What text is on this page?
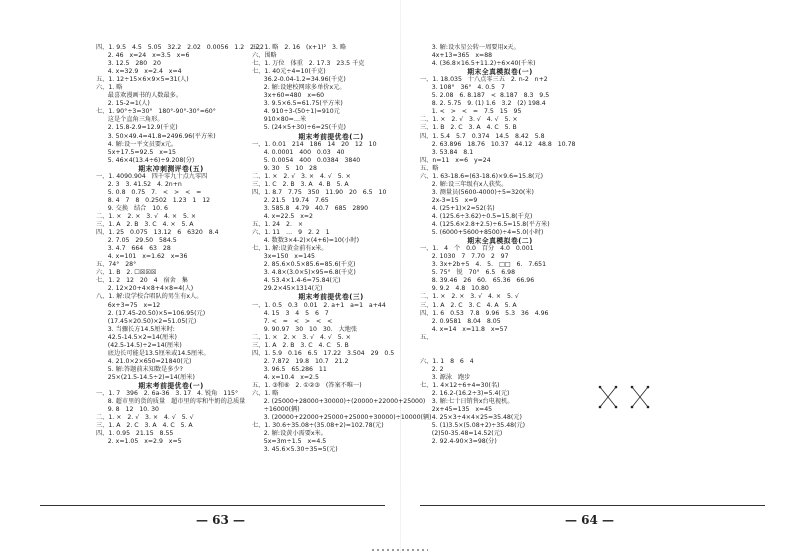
四、1. 9.5   4.5   5.05   32.2   2.02   0.0056   1.2   2.22
2. 46   x=24   x=3.5   x=6
3. 12.5   280   20
4. x=32.9   x=2.4   x=4
五、1. 12÷15×6×9×5=31(人)
六、1. 略
最喜欢漫画书的人数最多。
2. 15-2=1(人)
七、1. 90°÷3=30°   180°-90°-30°=60°
这是个直角三角形。
2. 15.8-2.9=12.9(千克)
3. 50×49.4=41.8=2496.96(平方米)
4. 解:设一平文员要x元。
5x+17.5=92.5   x=15
5. 46×4(13.4÷6)÷9.208(分)
期末冲刺测评卷(五)
一、1. 4090.904   四千零九十点九零四
2. 3   3. 41.52   4. 2n+n
5. 0.8   0.75   7.   <   >   <   =
8. 4   7   8   0.2502   1.23   1   12
9. 交换   结合   10. 6
二、1. ×   2. ×   3. √   4. ×   5. ×
三、1. A   2. B   3. C   4. ×   5. A
四、1. 25   0.075   13.12   6   6320   8.4
2. 7.05   29.50   584.5
3. 4.7   664   63   28
4. x=101   x=1.62   x=36
五、74°   28°
六、1. B   2. ☐☒☒☒
七、1. 2   12   20   4   宿舍   集
2. 12×20+4×8+4×8=4(人)
八、1. 解:设学校合唱队的男生有x人。
6x+3=75   x=12
2. (17.45-20.50)×5=106.95(元)
(17.45×20.50)×2=51.05(元)
3. 当骤长方14.5厘米时:
42.5-14.5×2=14(厘米)
(42.5-14.5)÷2=14(厘米)
底边长可能是13.5厘米或14.5厘米。
4. 21.0×2×650=21840(元)
5. 解:答题前未知数是多少?
25×(21.5-14.5÷2)=14(厘米)
期末考前提优卷(一)
一、1. 7   396   2. 6a-36   3. 17   4. 锐角   115°
8. 超市里的货的质量   超市里的零和牛奶的总质量
9. 8   12   10. 30
二、1. ×   2. √   3. ×   4. √   5. √
三、1. A   2. C   3. A   4. C   5. A
四、1. 0.95   21.15   8.55
2. x=1.05   x=2.9   x=5
五、1. 略   2. 16   (x+1)²   3. 略
六、围略
七、1. 万位   体重   2. 17.3   23.5 千克
七、1. 40元÷4=10(千克)
36.2-0.04-1.2=34.96(千克)
2. 解:设建校网球多单价x元。
3x+60=480   x=60
3. 9.5×6.5=61.75(平方米)
4. 910÷3-(50÷1)=910元
910×80=…米
5. (24×5+30)÷6=25(千克)
期末考前提优卷(二)
一、1. 0.01   214   186   14   20   12   10
4. 0.0001   400   0.03   40
5. 0.0054   400   0.0384   3840
9. 30   5   10   28
二、1. ×   2. √   3. ×   4. √   5. ×
三、1. C   2. B   3. A   4. B   5. A
四、1. 8.7   7.75   350   11.90   20   6.5   10
2. 21.5   19.74   7.65
3. 585.8   4.79   40.7   685   2890
4. x=22.5   x=2
五、1. 24   2.   ×
六、1. 11   …   9   2. 2   1
4. 数数3×4-2)×(4+6)=10(小时)
七、1. 解:设黄金前有x米。
3x=150   x=145
2. 85.6×0.5×85.6=85.6(千克)
3. 4.8×(3.0×5)×95=6.8(千克)
4. 53.4×1.4-6=75.84(元)
29.2×45×1314(元)
期末考前提优卷(三)
一、1. 0.5   0.3   0.01   2. a+1   a=1   a+44
4. 15   3   4   5   6   7
7. <   =   <   >   <   <
9. 90.97   30   10   30.   大地张
二、1. ×   2. ×   3. √   4. √   5. ×
三、1. A   2. B   3. C   4. C   5. B
四、1. 5.9   0.16   6.5   17.22   3.504   29   0.5
2. 7.872   19.8   10.7   21.2
3. 96.5   65.286   11
4. x=10.4   x=2.5
五、1. ③和⑥   2. ①②③   (答案不唯一)
六、1. 略
2. (25000+28000+30000)÷(20000+22000+25000)
÷16000(辆)
3. (20000+22000+25000+25000+30000)÷10000(辆)
七、1. 30.6÷35.08÷(35.08+2)=102.78(元)
2. 解:设黄小需要x米。
5x=3m÷1.5   x=4.5
3. 45.6×5.30÷35=5(元)
3. 解:设水星公转一周要用x天。
4x+13=365   x=88
4. (36.8×16.5+11.2)÷6×40(千米)
期末全真模拟卷(一)
一、1. 18.035   十八点零三五   2. n-2   n+2
3. 108°   36°   4. 0.5   7
5. 2.08   6. 8.187   <  8.187   8.3   9.5
8. 2. 5.75   9. (1) 1.6   3.2   (2) 198.4
1. <   >   <   =   7.5   15   95
二、1. ×   2. √   3. √   4. √   5. ×
三、1. B   2. C   3. A   4. C   5. B
四、1. 5.4   5.7   0.374   14.5   8.42   5.8
2. 63.896   18.76   10.37   44.12   48.8   10.78
3. 53.84   8.1
四、n=11   x=6   y=24
五、略
六、1. 63-18.6=(63-18.6)×9.6=15.8(元)
2. 解:设三年级有x人获奖。
3. 测量员(5600-4000)÷5=320(米)
2x-3=15   x=9
4. (25+1)×2=52(名)
4. (125.6÷3.62)÷0.5=15.8(千克)
4. (125.6×2.8+2.5)÷6.5=15.8(平方米)
5. (6000+5600+8500)÷4=5.0(小时)
期末全真模拟卷(二)
一、1.   4   个   0.0   百分   4.0   0.001
2. 1030   7   7.70   2   97
3. 3x+2b+5   4.   5.   □□   6.   7.651
5. 75°   锐   70°   6.5   6.98
8. 39.46   26   60.   65.36   66.96
9. 9.2   4.8   10.80
二、1. ×   2. ×   3. √   4. ×   5. √
三、1. A   2. C   3. C   4. A   5. A
四、1. 6   0.53   7.8   9.96   5.3   36   4.96
2. 0.9581   8.04   8.05
4. x=14   x=11.8   x=57
五、
六、1. 1   8   6   4
2. 2
3. 源泳   跑步
七、1. 4×12÷6+4=30(名)
2. 16.2-(16.2÷3)=5.4(元)
3. 解:七十日销售x台电视机。
2x+45=135   x=45
4. 25×3÷4×4×25=35.48(元)
5. (1)3.5×(5.08+2)÷35.48(元)
(2)50-35.48=14.52(元)
2. 92.4-90×3=98(分)
— 63 —	— 64 —
